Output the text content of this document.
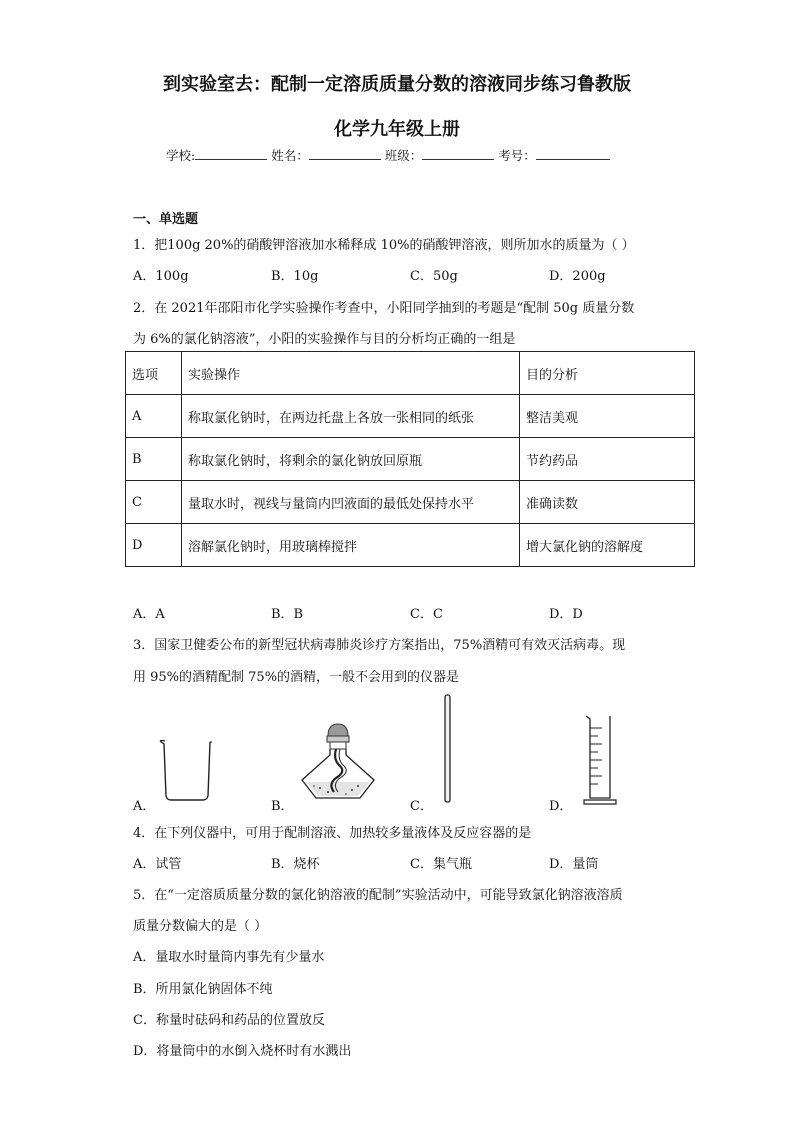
到实验室去：配制一定溶质质量分数的溶液同步练习鲁教版
化学九年级上册
学校:	姓名：	班级：	考号：
一、单选题
1．把100g 20%的硝酸钾溶液加水稀释成 10%的硝酸钾溶液，则所加水的质量为（ ）
A．100g	B．10g	C．50g	D．200g
2．在 2021年邵阳市化学实验操作考查中，小阳同学抽到的考题是“配制 50g 质量分数
为 6%的氯化钠溶液”，小阳的实验操作与目的分析均正确的一组是
选项	实验操作	目的分析
A	称取氯化钠时，在两边托盘上各放一张相同的纸张	整洁美观
B	称取氯化钠时，将剩余的氯化钠放回原瓶	节约药品
C	量取水时，视线与量筒内凹液面的最低处保持水平	准确读数
D	溶解氯化钠时，用玻璃棒搅拌	增大氯化钠的溶解度
A．A	B．B	C．C	D．D
3．国家卫健委公布的新型冠状病毒肺炎诊疗方案指出，75%酒精可有效灭活病毒。现
用 95%的酒精配制 75%的酒精，一般不会用到的仪器是
A．	B．	C．	D．
4．在下列仪器中，可用于配制溶液、加热较多量液体及反应容器的是
A．试管	B．烧杯	C．集气瓶	D．量筒
5．在“一定溶质质量分数的氯化钠溶液的配制”实验活动中，可能导致氯化钠溶液溶质
质量分数偏大的是（ ）
A．量取水时量筒内事先有少量水
B．所用氯化钠固体不纯
C．称量时砝码和药品的位置放反
D．将量筒中的水倒入烧杯时有水溅出
